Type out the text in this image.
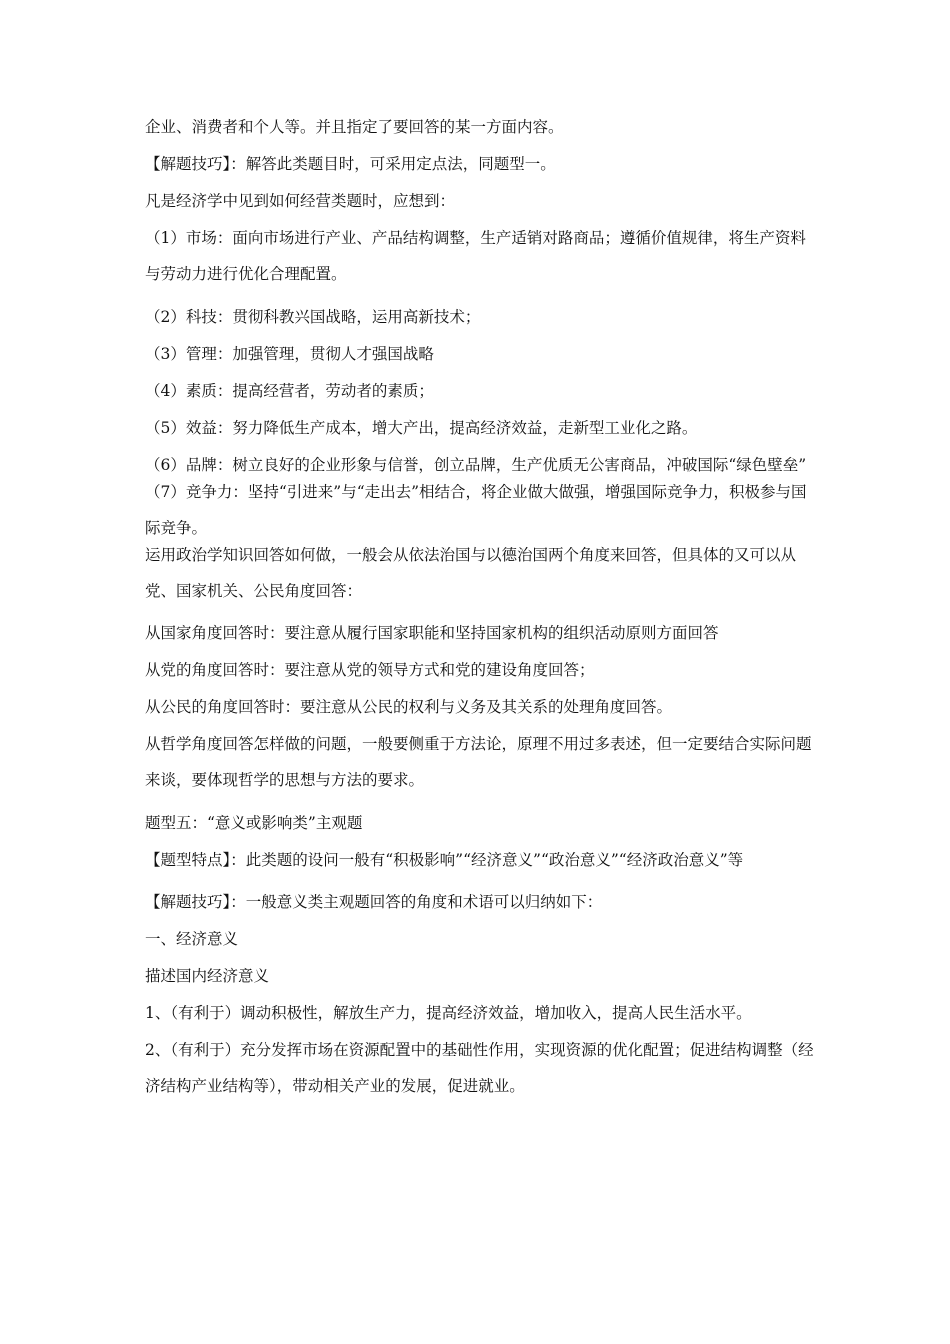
企业、消费者和个人等。并且指定了要回答的某一方面内容。

【解题技巧】：解答此类题目时，可采用定点法，同题型一。

凡是经济学中见到如何经营类题时，应想到：

（1）市场：面向市场进行产业、产品结构调整，生产适销对路商品；遵循价值规律，将生产资料与劳动力进行优化合理配置。

（2）科技：贯彻科教兴国战略，运用高新技术；

（3）管理：加强管理，贯彻人才强国战略

（4）素质：提高经营者，劳动者的素质；

（5）效益：努力降低生产成本，增大产出，提高经济效益，走新型工业化之路。

（6）品牌：树立良好的企业形象与信誉，创立品牌，生产优质无公害商品，冲破国际“绿色壁垒”

（7）竞争力：坚持“引进来”与“走出去”相结合，将企业做大做强，增强国际竞争力，积极参与国际竞争。

运用政治学知识回答如何做，一般会从依法治国与以德治国两个角度来回答，但具体的又可以从党、国家机关、公民角度回答：

从国家角度回答时：要注意从履行国家职能和坚持国家机构的组织活动原则方面回答

从党的角度回答时：要注意从党的领导方式和党的建设角度回答；

从公民的角度回答时：要注意从公民的权利与义务及其关系的处理角度回答。

从哲学角度回答怎样做的问题，一般要侧重于方法论，原理不用过多表述，但一定要结合实际问题来谈，要体现哲学的思想与方法的要求。

题型五：“意义或影响类”主观题

【题型特点】：此类题的设问一般有“积极影响”“经济意义”“政治意义”“经济政治意义”等

【解题技巧】：一般意义类主观题回答的角度和术语可以归纳如下：

一、经济意义

描述国内经济意义

1、（有利于）调动积极性，解放生产力，提高经济效益，增加收入，提高人民生活水平。

2、（有利于）充分发挥市场在资源配置中的基础性作用，实现资源的优化配置；促进结构调整（经济结构产业结构等），带动相关产业的发展，促进就业。
